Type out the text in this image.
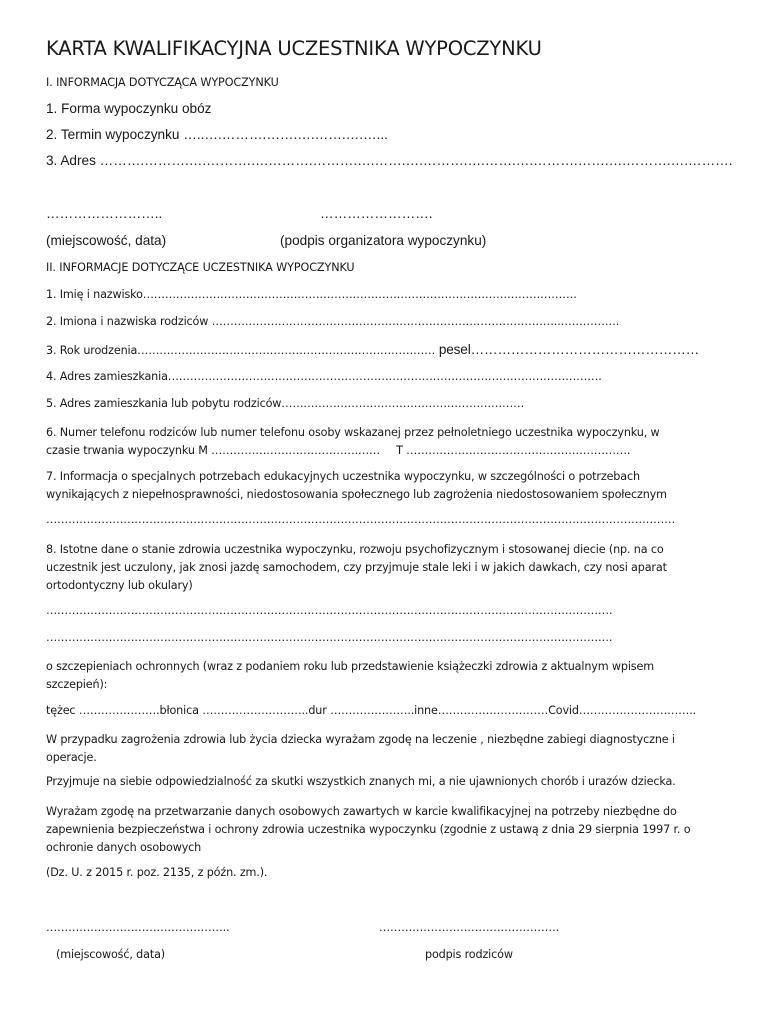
KARTA KWALIFIKACYJNA UCZESTNIKA WYPOCZYNKU
I. INFORMACJA DOTYCZĄCA WYPOCZYNKU
1. Forma wypoczynku obóz
2. Termin wypoczynku …..….……….…….….…….….…...
3. Adres ……….……….….……….….……….……….….…….….……….….…….….……….…….….……….….……….
……………………..	…………………….
(miejscowość, data)	(podpis organizatora wypoczynku)
II. INFORMACJE DOTYCZĄCE UCZESTNIKA WYPOCZYNKU
1. Imię i nazwisko……………………………………………………………………………………………………….
2. Imiona i nazwiska rodziców …………………………………………………………………………………..…………….
3. Rok urodzenia……………………………………………………………………… pesel……………………………………………
4. Adres zamieszkania……………………………………………………………………………………………………….
5. Adres zamieszkania lub pobytu rodziców…………………………………………………………
6. Numer telefonu rodziców lub numer telefonu osoby wskazanej przez pełnoletniego uczestnika wypoczynku, w
czasie trwania wypoczynku M ………………………………….…… T …………………………………………………….
7. Informacja o specjalnych potrzebach edukacyjnych uczestnika wypoczynku, w szczególności o potrzebach
wynikających z niepełnosprawności, niedostosowania społecznego lub zagrożenia niedostosowaniem społecznym
………………………………………………………………………………………………………………………………………………………
8. Istotne dane o stanie zdrowia uczestnika wypoczynku, rozwoju psychofizycznym i stosowanej diecie (np. na co
uczestnik jest uczulony, jak znosi jazdę samochodem, czy przyjmuje stale leki i w jakich dawkach, czy nosi aparat
ortodontyczny lub okulary)
……………………………………………………………………………………………………………………………………….
……………………………………………………………………………………………………………………………………….
o szczepieniach ochronnych (wraz z podaniem roku lub przedstawienie książeczki zdrowia z aktualnym wpisem
szczepień):
tężec ………………….błonica ………………………..dur …………………..inne…………………………Covid…………………………..
W przypadku zagrożenia zdrowia lub życia dziecka wyrażam zgodę na leczenie , niezbędne zabiegi diagnostyczne i
operacje.
Przyjmuje na siebie odpowiedzialność za skutki wszystkich znanych mi, a nie ujawnionych chorób i urazów dziecka.
Wyrażam zgodę na przetwarzanie danych osobowych zawartych w karcie kwalifikacyjnej na potrzeby niezbędne do
zapewnienia bezpieczeństwa i ochrony zdrowia uczestnika wypoczynku (zgodnie z ustawą z dnia 29 sierpnia 1997 r. o
ochronie danych osobowych
(Dz. U. z 2015 r. poz. 2135, z późn. zm.).
…………………………………………..	………………………………………….
(miejscowość, data)	podpis rodziców
